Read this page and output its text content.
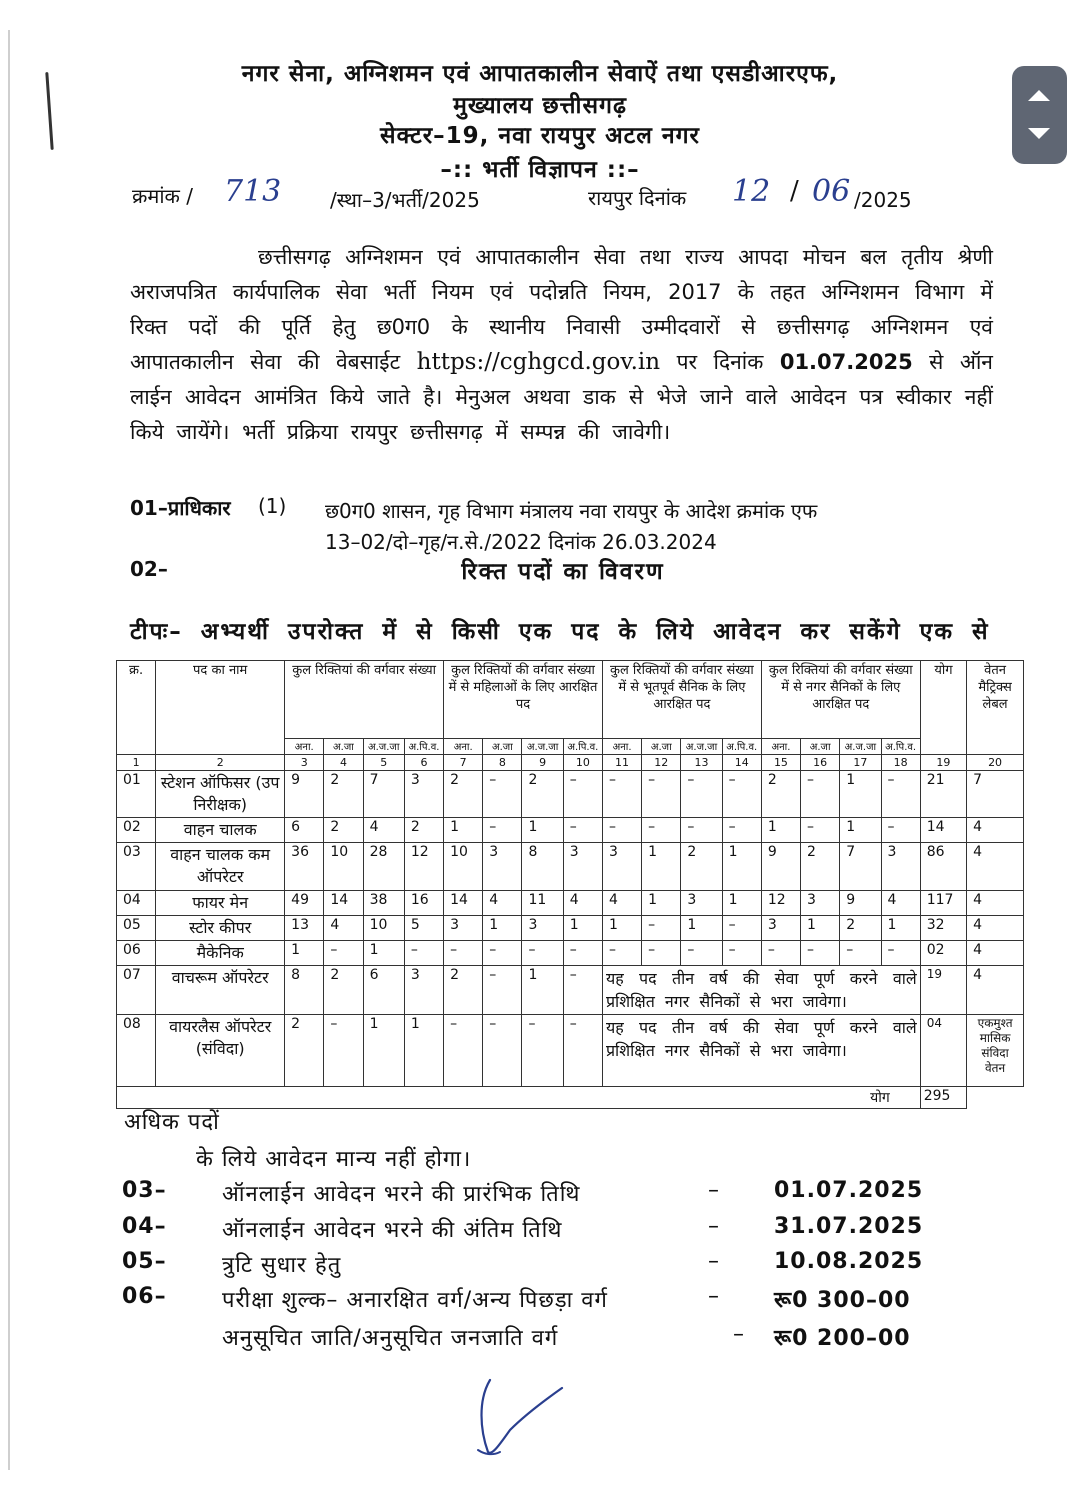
नगर सेना, अग्निशमन एवं आपातकालीन सेवाऐं तथा एसडीआरएफ,
मुख्यालय छत्तीसगढ़
सेक्टर–19, नवा रायपुर अटल नगर
–:: भर्ती विज्ञापन ::–
क्रमांक / 713 /स्था–3/भर्ती/2025	रायपुर दिनांक 12 / 06 /2025
छत्तीसगढ़ अग्निशमन एवं आपातकालीन सेवा तथा राज्य आपदा मोचन बल तृतीय श्रेणी अराजपत्रित कार्यपालिक सेवा भर्ती नियम एवं पदोन्नति नियम, 2017 के तहत अग्निशमन विभाग में रिक्त पदों की पूर्ति हेतु छ0ग0 के स्थानीय निवासी उम्मीदवारों से छत्तीसगढ़ अग्निशमन एवं आपातकालीन सेवा की वेबसाईट https://cghgcd.gov.in पर दिनांक 01.07.2025 से ऑन लाईन आवेदन आमंत्रित किये जाते है। मेनुअल अथवा डाक से भेजे जाने वाले आवेदन पत्र स्वीकार नहीं किये जायेंगे। भर्ती प्रक्रिया रायपुर छत्तीसगढ़ में सम्पन्न की जावेगी।
01–प्राधिकार (1) छ0ग0 शासन, गृह विभाग मंत्रालय नवा रायपुर के आदेश क्रमांक एफ
13–02/दो–गृह/न.से./2022 दिनांक 26.03.2024
02–	रिक्त पदों का विवरण
टीपः– अभ्यर्थी उपरोक्त में से किसी एक पद के लिये आवेदन कर सकेंगे एक से
क्र.	पद का नाम	कुल रिक्तियां की वर्गवार संख्या				कुल रिक्तियों की वर्गवार संख्या में से महिलाओं के लिए आरक्षित पद				कुल रिक्तियों की वर्गवार संख्या में से भूतपूर्व सैनिक के लिए आरक्षित पद				कुल रिक्तियां की वर्गवार संख्या में से नगर सैनिकों के लिए आरक्षित पद				योग	वेतन मैट्रिक्स लेबल
		अना.	अ.जा	अ.ज.जा	अ.पि.व.	अना.	अ.जा	अ.ज.जा	अ.पि.व.	अना.	अ.जा	अ.ज.जा	अ.पि.व.	अना.	अ.जा	अ.ज.जा	अ.पि.व.		
1	2	3	4	5	6	7	8	9	10	11	12	13	14	15	16	17	18	19	20
01	स्टेशन ऑफिसर (उप निरीक्षक)	9	2	7	3	2	–	2	–	–	–	–	–	2	–	1	–	21	7
02	वाहन चालक	6	2	4	2	1	–	1	–	–	–	–	–	1	–	1	–	14	4
03	वाहन चालक कम ऑपरेटर	36	10	28	12	10	3	8	3	3	1	2	1	9	2	7	3	86	4
04	फायर मेन	49	14	38	16	14	4	11	4	4	1	3	1	12	3	9	4	117	4
05	स्टोर कीपर	13	4	10	5	3	1	3	1	1	–	1	–	3	1	2	1	32	4
06	मैकेनिक	1	–	1	–	–	–	–	–	–	–	–	–	–	–	–	–	02	4
07	वाचरूम ऑपरेटर	8	2	6	3	2	–	1	–	यह पद तीन वर्ष की सेवा पूर्ण करने वाले प्रशिक्षित नगर सैनिकों से भरा जावेगा।								19	4
08	वायरलैस ऑपरेटर (संविदा)	2	–	1	1	–	–	–	–	यह पद तीन वर्ष की सेवा पूर्ण करने वाले प्रशिक्षित नगर सैनिकों से भरा जावेगा।								04	एकमुश्त मासिक संविदा वेतन
योग																		295	
अधिक पदों
के लिये आवेदन मान्य नहीं होगा।
03–	ऑनलाईन आवेदन भरने की प्रारंभिक तिथि	– 01.07.2025
04–	ऑनलाईन आवेदन भरने की अंतिम तिथि	– 31.07.2025
05–	त्रुटि सुधार हेतु	– 10.08.2025
06–	परीक्षा शुल्क– अनारक्षित वर्ग/अन्य पिछड़ा वर्ग	– रू0 300–00
अनुसूचित जाति/अनुसूचित जनजाति वर्ग	– रू0 200–00
